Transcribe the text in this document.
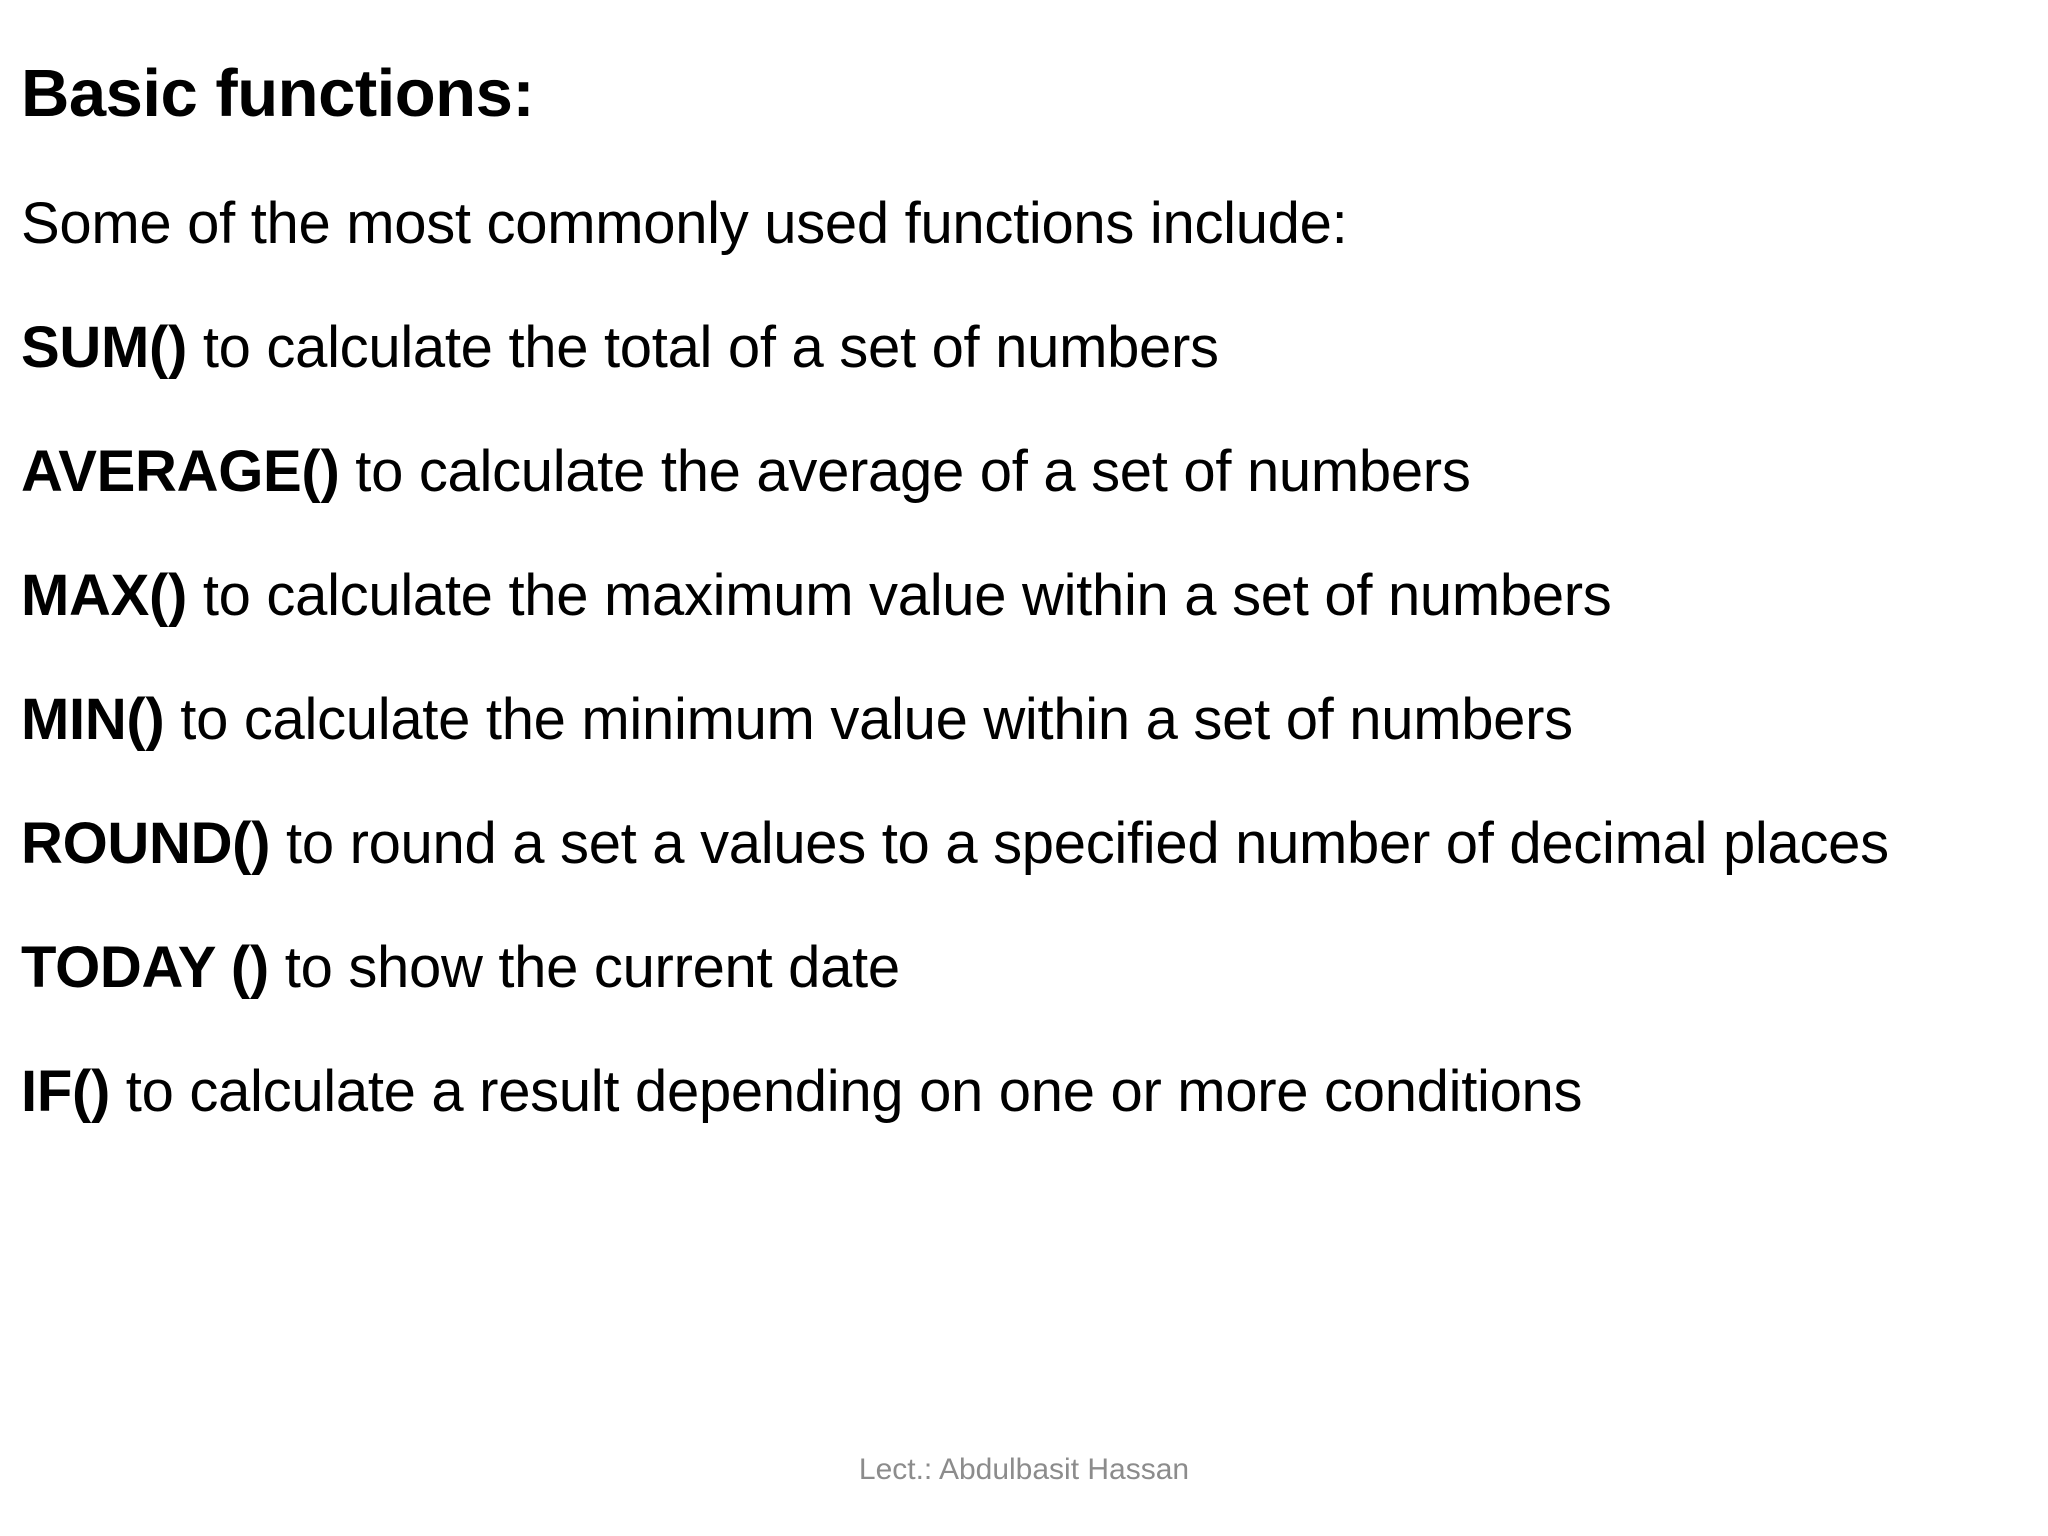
Basic functions:
Some of the most commonly used functions include:
SUM() to calculate the total of a set of numbers
AVERAGE() to calculate the average of a set of numbers
MAX() to calculate the maximum value within a set of numbers
MIN() to calculate the minimum value within a set of numbers
ROUND() to round a set a values to a specified number of decimal places
TODAY () to show the current date
IF() to calculate a result depending on one or more conditions
Lect.: Abdulbasit Hassan
